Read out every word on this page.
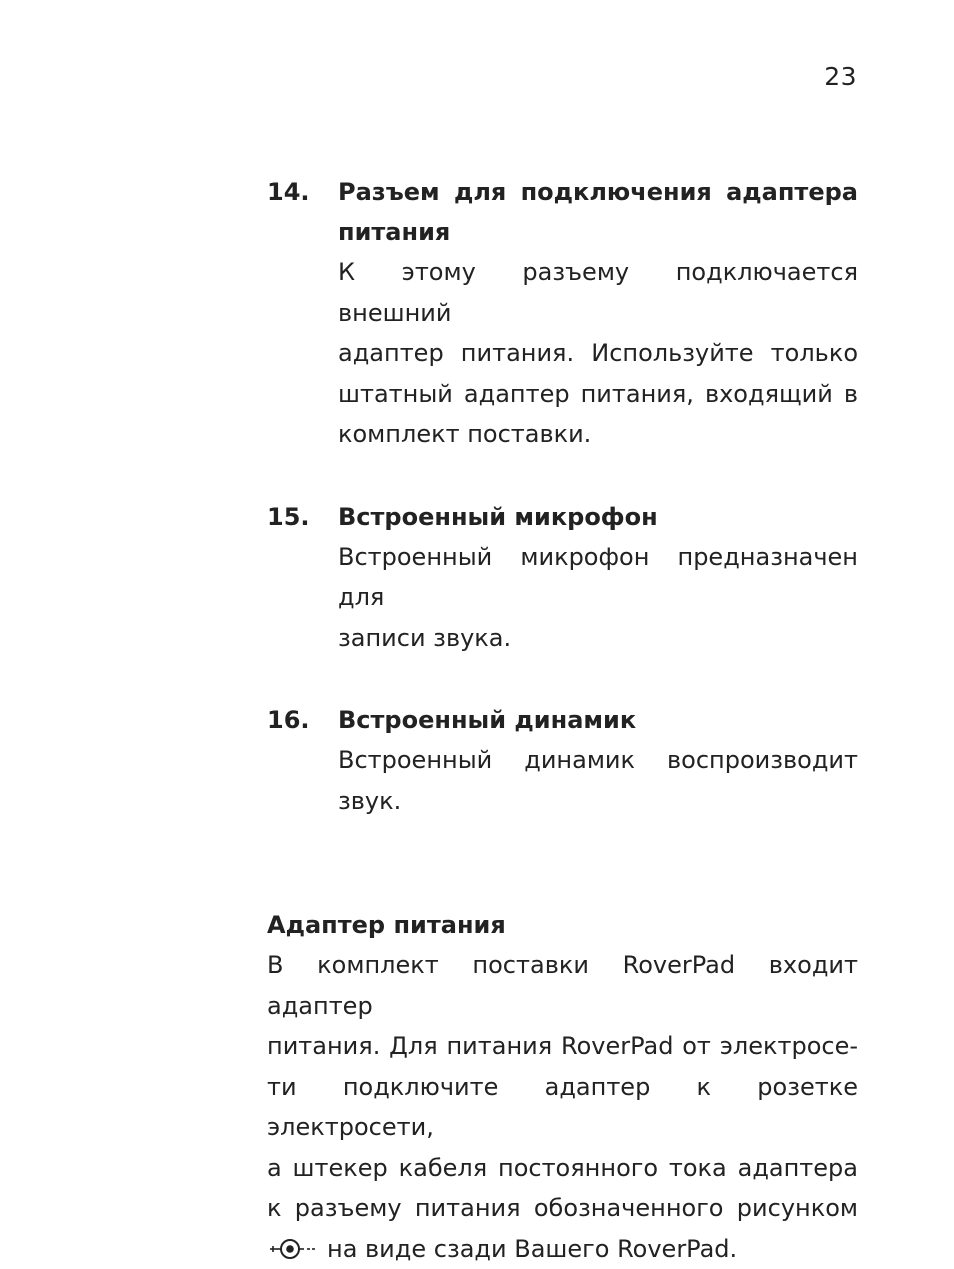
23
14. Разъем для подключения адаптера
питания
К этому разъему подключается внешний
адаптер питания. Используйте только
штатный адаптер питания, входящий в
комплект поставки.
15. Встроенный микрофон
Встроенный микрофон предназначен для
записи звука.
16. Встроенный динамик
Встроенный динамик воспроизводит
звук.
Адаптер питания
В комплект поставки RoverPad входит адаптер
питания. Для питания RoverPad от электросе-
ти подключите адаптер к розетке электросети,
а штекер кабеля постоянного тока адаптера
к разъему питания обозначенного рисунком
на виде сзади Вашего RoverPad.
